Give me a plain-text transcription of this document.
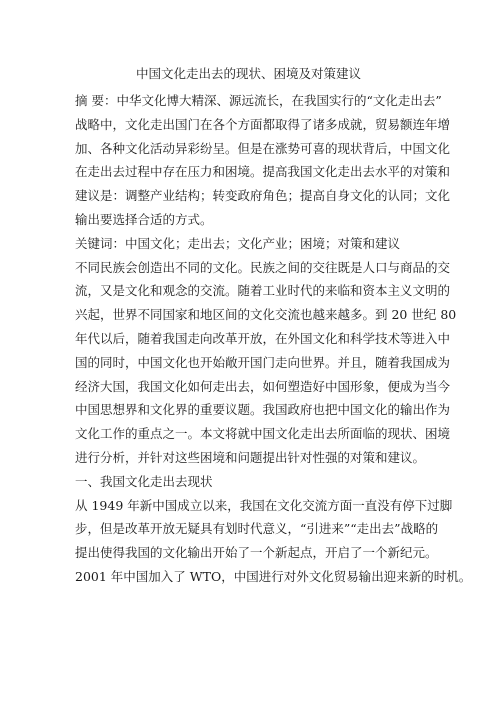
中国文化走出去的现状、困境及对策建议
摘 要：中华文化博大精深、源远流长，在我国实行的“文化走出去”
战略中，文化走出国门在各个方面都取得了诸多成就，贸易额连年增
加、各种文化活动异彩纷呈。但是在涨势可喜的现状背后，中国文化
在走出去过程中存在压力和困境。提高我国文化走出去水平的对策和
建议是：调整产业结构；转变政府角色；提高自身文化的认同；文化
输出要选择合适的方式。
关键词：中国文化；走出去；文化产业；困境；对策和建议
不同民族会创造出不同的文化。民族之间的交往既是人口与商品的交
流，又是文化和观念的交流。随着工业时代的来临和资本主义文明的
兴起，世界不同国家和地区间的文化交流也越来越多。到 20 世纪 80
年代以后，随着我国走向改革开放，在外国文化和科学技术等进入中
国的同时，中国文化也开始敞开国门走向世界。并且，随着我国成为
经济大国，我国文化如何走出去，如何塑造好中国形象，便成为当今
中国思想界和文化界的重要议题。我国政府也把中国文化的输出作为
文化工作的重点之一。本文将就中国文化走出去所面临的现状、困境
进行分析，并针对这些困境和问题提出针对性强的对策和建议。
一、我国文化走出去现状
从 1949 年新中国成立以来，我国在文化交流方面一直没有停下过脚
步，但是改革开放无疑具有划时代意义，“引进来”“走出去”战略的
提出使得我国的文化输出开始了一个新起点，开启了一个新纪元。
2001 年中国加入了 WTO，中国进行对外文化贸易输出迎来新的时机。
